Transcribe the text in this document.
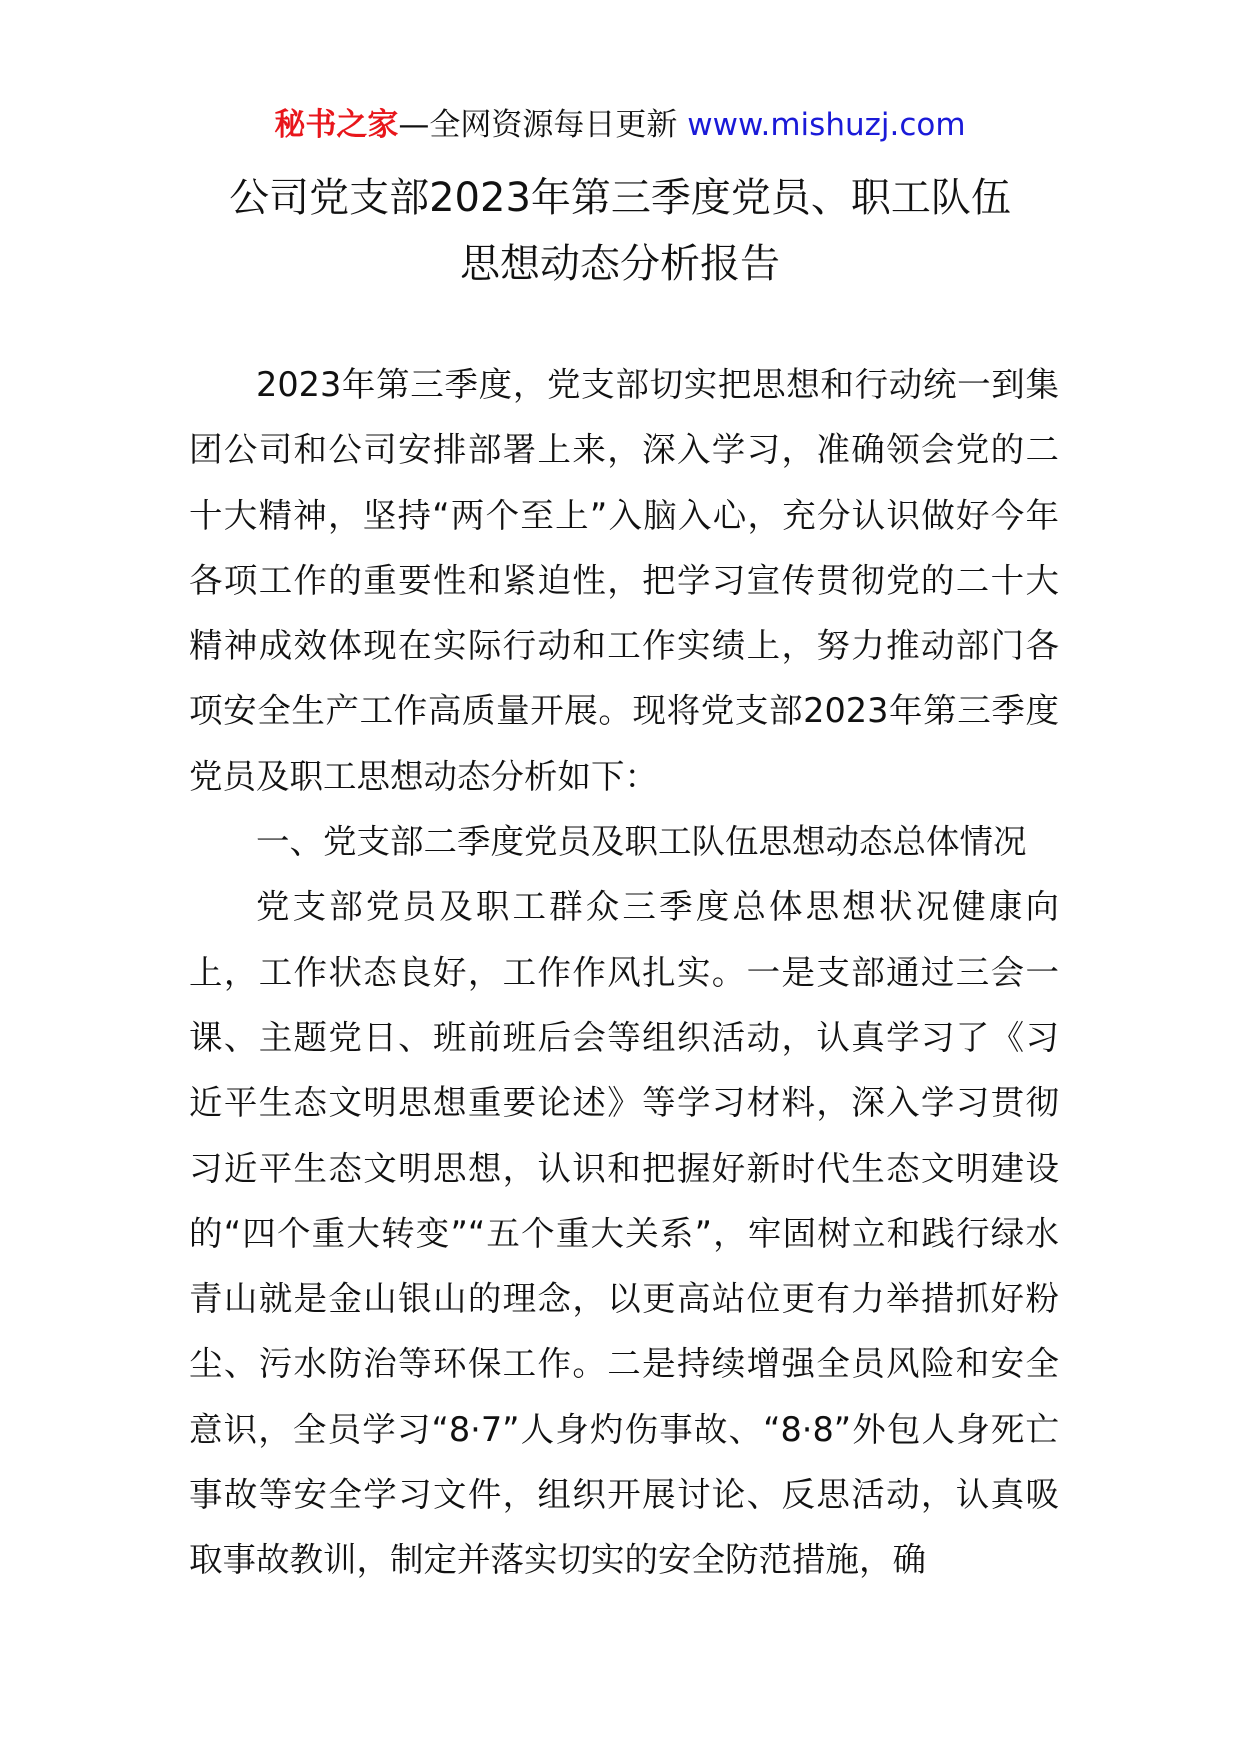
秘书之家—全网资源每日更新 www.mishuzj.com
公司党支部2023年第三季度党员、职工队伍
思想动态分析报告

2023年第三季度，党支部切实把思想和行动统一到集团公司和公司安排部署上来，深入学习，准确领会党的二十大精神，坚持“两个至上”入脑入心，充分认识做好今年各项工作的重要性和紧迫性，把学习宣传贯彻党的二十大精神成效体现在实际行动和工作实绩上，努力推动部门各项安全生产工作高质量开展。现将党支部2023年第三季度党员及职工思想动态分析如下：

一、党支部二季度党员及职工队伍思想动态总体情况

党支部党员及职工群众三季度总体思想状况健康向上，工作状态良好，工作作风扎实。一是支部通过三会一课、主题党日、班前班后会等组织活动，认真学习了《习近平生态文明思想重要论述》等学习材料，深入学习贯彻习近平生态文明思想，认识和把握好新时代生态文明建设的“四个重大转变”“五个重大关系”，牢固树立和践行绿水青山就是金山银山的理念，以更高站位更有力举措抓好粉尘、污水防治等环保工作。二是持续增强全员风险和安全意识，全员学习“8·7”人身灼伤事故、“8·8”外包人身死亡事故等安全学习文件，组织开展讨论、反思活动，认真吸取事故教训，制定并落实切实的安全防范措施，确
